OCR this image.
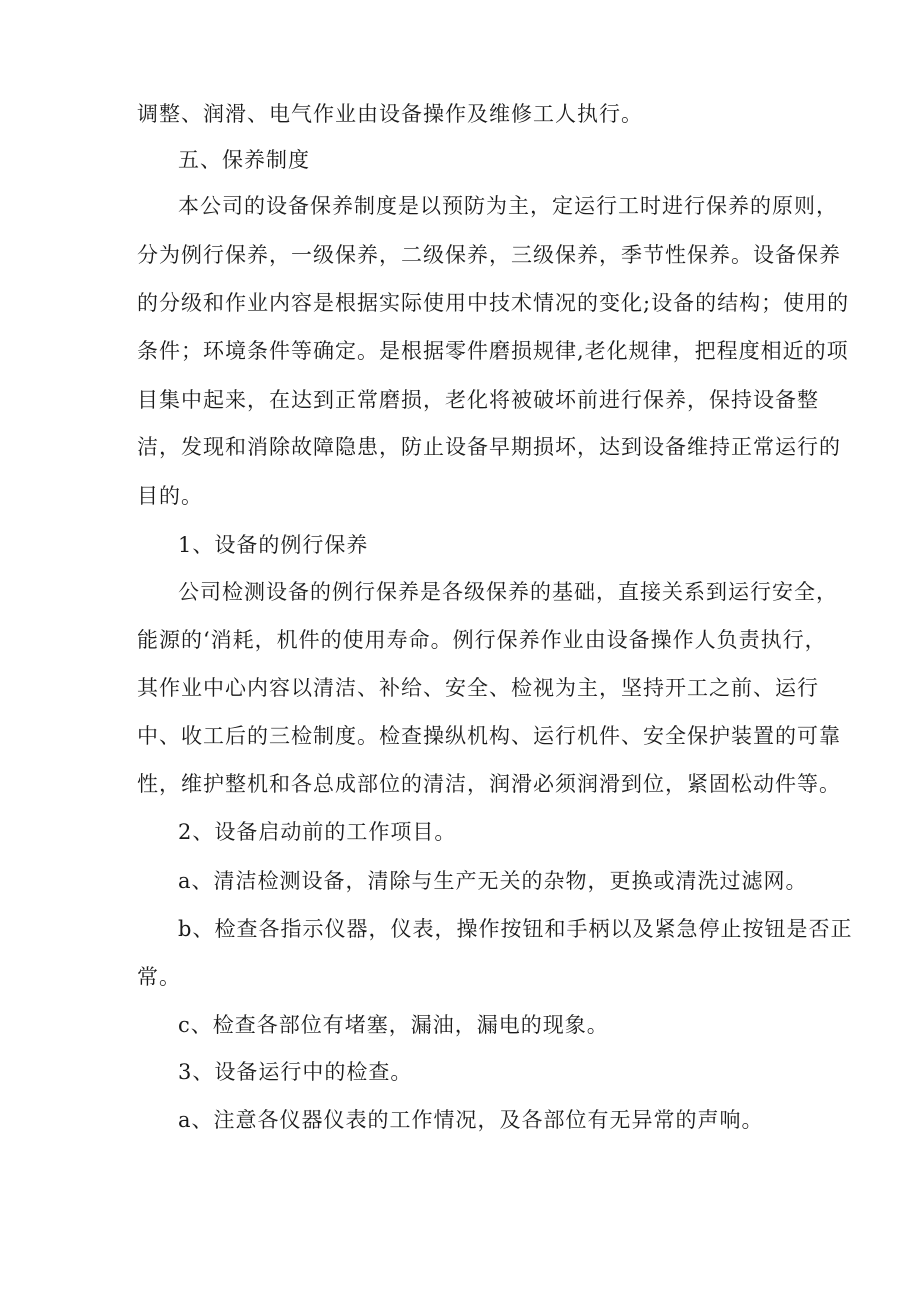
调整、润滑、电气作业由设备操作及维修工人执行。
五、保养制度
本公司的设备保养制度是以预防为主，定运行工时进行保养的原则，
分为例行保养，一级保养，二级保养，三级保养，季节性保养。设备保养
的分级和作业内容是根据实际使用中技术情况的变化;设备的结构；使用的
条件；环境条件等确定。是根据零件磨损规律,老化规律，把程度相近的项
目集中起来，在达到正常磨损，老化将被破坏前进行保养，保持设备整
洁，发现和消除故障隐患，防止设备早期损坏，达到设备维持正常运行的
目的。
1、设备的例行保养
公司检测设备的例行保养是各级保养的基础，直接关系到运行安全，
能源的‘消耗，机件的使用寿命。例行保养作业由设备操作人负责执行，
其作业中心内容以清洁、补给、安全、检视为主，坚持开工之前、运行
中、收工后的三检制度。检查操纵机构、运行机件、安全保护装置的可靠
性，维护整机和各总成部位的清洁，润滑必须润滑到位，紧固松动件等。
2、设备启动前的工作项目。
a、清洁检测设备，清除与生产无关的杂物，更换或清洗过滤网。
b、检查各指示仪器，仪表，操作按钮和手柄以及紧急停止按钮是否正
常。
c、检查各部位有堵塞，漏油，漏电的现象。
3、设备运行中的检查。
a、注意各仪器仪表的工作情况，及各部位有无异常的声响。
